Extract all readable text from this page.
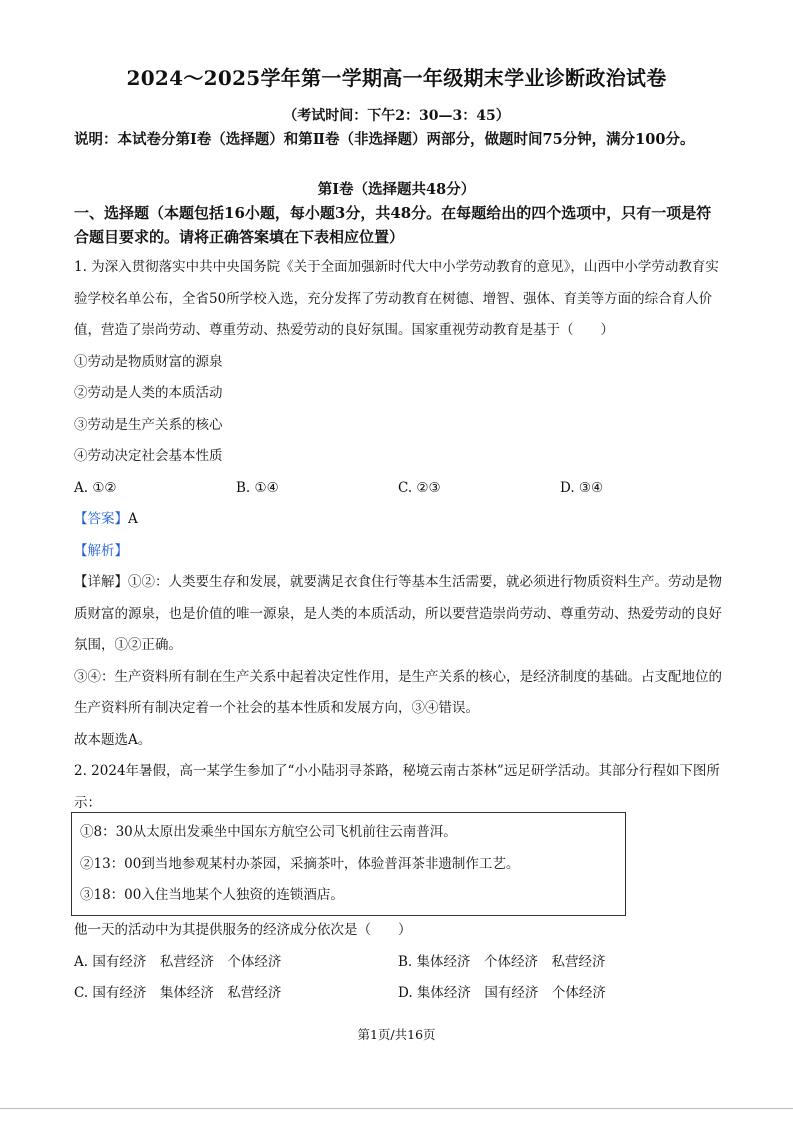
2024～2025学年第一学期高一年级期末学业诊断政治试卷
（考试时间：下午2：30—3：45）
说明：本试卷分第Ⅰ卷（选择题）和第Ⅱ卷（非选择题）两部分，做题时间75分钟，满分100分。
第Ⅰ卷（选择题共48分）
一、选择题（本题包括16小题，每小题3分，共48分。在每题给出的四个选项中，只有一项是符合题目要求的。请将正确答案填在下表相应位置）
1. 为深入贯彻落实中共中央国务院《关于全面加强新时代大中小学劳动教育的意见》，山西中小学劳动教育实验学校名单公布，全省50所学校入选，充分发挥了劳动教育在树德、增智、强体、育美等方面的综合育人价值，营造了崇尚劳动、尊重劳动、热爱劳动的良好氛围。国家重视劳动教育是基于（　　）
①劳动是物质财富的源泉
②劳动是人类的本质活动
③劳动是生产关系的核心
④劳动决定社会基本性质
A. ①②	B. ①④	C. ②③	D. ③④
【答案】A
【解析】
【详解】①②：人类要生存和发展，就要满足衣食住行等基本生活需要，就必须进行物质资料生产。劳动是物质财富的源泉，也是价值的唯一源泉，是人类的本质活动，所以要营造崇尚劳动、尊重劳动、热爱劳动的良好氛围，①②正确。
③④：生产资料所有制在生产关系中起着决定性作用，是生产关系的核心，是经济制度的基础。占支配地位的生产资料所有制决定着一个社会的基本性质和发展方向，③④错误。
故本题选A。
2. 2024年暑假，高一某学生参加了“小小陆羽寻茶路，秘境云南古茶林”远足研学活动。其部分行程如下图所示：
①8：30从太原出发乘坐中国东方航空公司飞机前往云南普洱。
②13：00到当地参观某村办茶园，采摘茶叶，体验普洱茶非遗制作工艺。
③18：00入住当地某个人独资的连锁酒店。
他一天的活动中为其提供服务的经济成分依次是（　　）
A. 国有经济　私营经济　个体经济	B. 集体经济　个体经济　私营经济
C. 国有经济　集体经济　私营经济	D. 集体经济　国有经济　个体经济
第1页/共16页
